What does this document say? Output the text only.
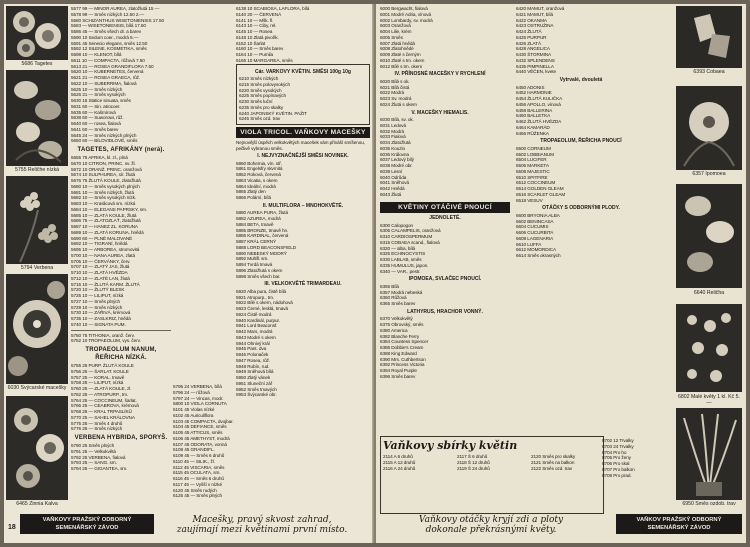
5686 Tagetes
5755 Reličhe nízká
5794 Verbena
6030 Svýcarské macešky
6465 Zinnia Kalva
5577 99 — MINOR AUREA, zlatožlutá 15 —
5578 99 — Směs nízkých 12.50 2.—
5580 SCHIZANTHUS WISETONIENSIS 17.50
5583 — WISETONIENSIS, bílá 17.50
5586 45 — Směs všech dr. a barev
5590 10 Sedum coer., modrá 5.—
5591 45 Senecio elegans, směs 12.50
5592 12 SILENE, KOSMETIKA, směs
5598 10 — KLENOT, bílá
5611 10 — COMPACTA, růžová 7.50
5613 21 — ROSEA GRANDIFLORA 7.50
5620 10 — KUBERNETES, červená
5621 21 — ROSEA GRAECA, růž.
5622 10 — SUBERRIMA, fialová
5625 10 — Směs nízkých
5626 21 — Směs vysokých
5630 15 Statice sinuata, směs
5631 60 — Sin. atrocoer.
5635 60 — Kašmírová
5638 60 — Suworowi, růž.
5640 60 — rosea, fialová
5641 60 — Směs barev
5645 24 — Směs nízkých plných
5650 60 — BÍLOVIDLOVÉ, směs
TAGETES, AFRIKÁNY (nerá).
5655 75 AFRIKA, kl. zl., plná
5670 10 CITRON, PRINC. sv. žl.
5672 10 ORANŽ. PRINC. oranžová
5674 10 SULPHUREA, sír. žlutá
5676 75 ŽLUTÁ KOULE, zlatožlutá
5680 10 — Směs vysokých plných
5681 10 — Směs nízkých, žlutá
5682 10 — Směs vysokých nízk.
5683 10 — Kraslicová sm. nízká
5684 10 — ELEGANS PAPRSKY, sm.
5685 10 — ZLATÁ KOULE, žlutá
5686 75 — ZLATOZLAŤ, zlatožlutá
5687 10 — HANEZ ZL. KORUNA
5689 10 — ZLATÁ KORUNA, hnědá
5690 60 — PLNÉ MALOVANÉ
5692 10 — TIGRANÍ, hnědá
5695 10 — ARBOREA, stromovitá
5700 10 — NANA AUREA, zlatá
5705 10 — ČERVÁNKY, červ.
5707 10 — ZLATÝ JAS, žlutá
5710 10 — ZLATÁ HVĚZDA
5712 10 — ZLATÉ LAN, žlutá
5715 10 — ŽLUTÁ KARM. ŽLUTÁ
5720 10 — ŽLUTÝ BLESK
5725 10 — LILIPUT, nízká
5727 10 — Směs plných
5729 10 — Směs nízkých
5730 10 — ZÁŘIVÁ, krémová
5735 10 — ZASLKRIZ, hnědá
5740 10 — SIGNATA PUM.
5750 75 TITHONIA, oranž. červ.
5752 10 TROPAEOLUM, vys. červ.
TROPAEOLUM NANUM, ŘEŘICHA NÍZKÁ.
5755 25 PURP. ŽLUTÁ KOULE
5756 25 — ŠARLAT. KOULE
5757 25 — KORAL. tmavě
5758 25 — LILIPUT, nízká
5760 25 — ZLATÁ KOULE, zl.
5762 25 — ATROPURP., tm.
5764 25 — COCCINEUM, šarlat.
5766 25 — CEABROVA, krémová
5768 25 — KRAL TRPASLÍKŮ
5770 25 — SAHEL KRÁLOVNA
5775 25 — Směs 4 druhů
5776 25 — Směs nízkých
VERBENA HYBRIDA, SPORYŠ.
5790 25 Směs plných
5791 25 — Velkokvětá
5792 25 VERBENA, fialová
5793 25 — SANG. sm.
5794 25 — GIGANTEA, sm.
6138 10 SCABIOSA, LAFLORA, bílá
6140 20 — ČERVENÁ
6141 10 — Mšk. fl.
6143 10 — Ciby, rel.
6145 10 — Rosea
6148 10 Zlatá pivoňk.
6152 10 Šarlat
6160 10 — Směs barev
6164 10 — Pumila
6165 10 MARGAREA, směs
Cár. VARKOVY KVĚTIN. SMĚSI 100g 10g
6210 Směs nízkých
6215 Směs polovysokých
6220 Směs vysokých
6225 Směs popínavých
6230 Směs luční
6235 Směs pro skalky
6240 JAPONSKÝ KVĚTIN. PAŽIT
6245 Směs ozd. trav
VIOLA TRICOL. VAŇKOVY MACEŠKY
Nejnovější úspěch velkokvětých macešek vám přináší smíšenou, pečlivě vybranou směs.
I. NEJVYZNAČNĚJŠÍ SMĚSI NOVINEK.
5860 Bohemia, vín. stř.
5861 Engelsfry skvrnitá
5862 Roková, červená
5863 Vicatia, s okem
5864 Ideální, modrá
5865 Zlatý den
5866 Polární, bílá
II. MULTIFLORA – MNOHOKVĚTÉ.
5880 AUREA PURA, žlutá
5882 AZUREA, modrá
5884 BETA, tmavě
5885 BRONZE, tmavě hn.
5886 KARDINAL, červená
5887 KRÁL CERNÝ
5888 LORD BEACONSFIELD
5890 NEBESKÝ MODRÝ
5892 Multifl. sm.
5894 Tvrdá tmavá
5896 Zlatožlutá s okem
5898 Směs všech bar.
III. VELKOKVĚTÉ TRIMARDEAU.
5920 Alba pura, čistě bílá
5921 Atropurp., tm.
5922 Bílé s okem, náduhová
5923 Černé, lesklá, tmavá
5924 Čistě modrá
5940 Kardinál, purpur.
5941 Lord Beaconsf.
5942 Mars, modrá
5943 Modré s okem
5944 Ohnivý král
5945 Pant. dva
5946 Polonaček
5947 Rosea, růž.
5948 Rubín, rud.
5949 Sněhová bílá
5950 Zlatý vánek
5951 Sluneční zář
5952 Směs tmavých
5953 Švýcarské obr.
5795 24 VERBENA, bílá
5796 24 — růžová
5797 24 — Vincas, modr.
5800 10 VIOLA CORNUTA
6101 45 Violas nízké
6102 45 Auriculiflora
6103 45 COMPACTA, dvojbar.
6104 45 DEFIANCE, směs
6105 45 ATTICUS, směs
6106 45 AMETHYST, modrá
6107 45 ODORATA, vonná
6108 45 GRANDIFL.
6109 45 — Směs 6 druhů
6110 45 — SILIK., žl.
6112 45 VISCARIA, směs
6115 45 OCULATA, sm.
6116 45 — Směs 6 druhů
6117 45 — Vyšší v nízké
6120 45 Směs rudých
6125 45 — Směs plných
18
VAŇKOVY PRAŽSKÝ ODBORNÝ
SEMENÁŘSKÝ ZÁVOD
Macešky, pravý skvost zahrad,
zaujímají mezi květinami první místo.
6000 Bergwacht, fialová
6001 Modré Adria, vínová
6002 Lombardy, sv. modrá
6003 Oranžová
6004 Lilie, krém
6005 Směs
6007 Zlatá hnědá
6008 Zlatohnědé
6009 Zlaté s černým
6010 Zlaté s tm. okem
6012 Bílé s tm. okem
IV. PŘÍNOSNÉ MACEŠKY V RYCHLENÍ
6020 Bílá s ok.
6021 Bílá čistá
6022 Modrá
6023 Sv. modrá
6024 Žlutá s okem
V. MACEŠKY HIEMALIS.
6030 Bílá, sv. ok.
6031 Ledová
6032 Modrá
6033 Fialová
6034 Zlatožlutá
6035 Kouzlo
6036 Královna
6037 Ledový bílý
6038 Modré obr.
6039 Lesní
6040 Odrůda
6041 Sněhová
6042 Hnědá
6043 Žlutá
KVĚTINY OTÁČIVÉ PNOUCÍ
JEDNOLETÉ.
6300 Calopogon
6305 CALAMPELIS, oranžová
6310 CARDIOSPERMUM
6315 COBAEA scand., fialová
6320 — alba, bílá
6325 ECHINOCYSTIS
6330 LABLAB, směs
6335 HUMULUS, japon.
6340 — VAR., pestr.
IPOMOEA, SVLAČEC PNOUCÍ.
6355 Bílá
6357 Modrá nebeská
6360 Růžová
6365 Směs barev
LATHYRUS, HRACHOR VONNÝ.
6370 Velkokvětý
6375 Obrovský, směs
6380 America
6382 Blanche Ferry
6384 Countess Spencer
6386 Dobbie's Cream
6388 King Edward
6390 Mrs. Cuthbertson
6392 Princess Victoria
6394 Royal Purple
6396 Směs barev
Vaňkovy sbírky květin
2114 A 6 druhů
2115 A 12 druhů
2116 A 24 druhů
2117 Š 6 druhů
2118 Š 12 druhů
2119 Š 24 druhů
2120 Směs pro skalky
2121 Směs na balkon
2122 Směs ozd. trav
6420 MAMUT, oranžová
6421 MAMUT, bílá
6422 OKANMA
6423 OSTRUŽINA
6424 ŽLUTÁ
6425 PURPUR
6426 ZLATÁ
6428 ANGELICA
6430 ŠTORMINA
6432 SPLENDENS
6435 PIMPINELLA
6440 VĚČEN, kvete
Vytrvalé, dvouletá
6450 ADONIS
6452 HARMONIE
6454 ŽLUTÁ KULIČKA
6456 APOLLO, vínová
6458 BALLERINA
6460 BALLETKA
6462 ŽLUTÁ HVĚZDA
6464 KAMARÁD
6466 RŮŽENKA
TROPAEOLUM, ŘEŘICHA PNOUCÍ
6500 CORNEUM
6502 LOBBIANUM
6504 LUCIFER
6506 MARKETA
6508 MAJESTIC
6510 SPITFIRE
6512 COCCINEUM
6514 GOLDEN GLEAM
6516 SCARLET GLEAM
6518 VESUV
OTÁČKY S ODBORNÝMI PLODY.
6600 BRYONIA ALBA
6602 BENINCASA
6604 CUCUMIS
6606 CUCURBITA
6608 LAGENARIA
6610 LUFFA
6612 MOMORDICA
6614 Směs okrasných
8702 12 Trvalky
8703 24 Trvalky
8704 Pro ho
8705 Pro ženy
8706 Pro skal
8707 Pro balkon
8708 Pro prad.
6393 Cobaea
6357 Ipomoea
6640 Reličha
6802 Malé květy 1 kl. Kč 5.—
6950 Směs ozdob. trav
Vaňkovy otáčky kryjí zdi a ploty
dokonale překrásnými květy.
VAŇKOV PRAŽSKÝ ODBORNÝ
SEMENÁŘSKÝ ZÁVOD
